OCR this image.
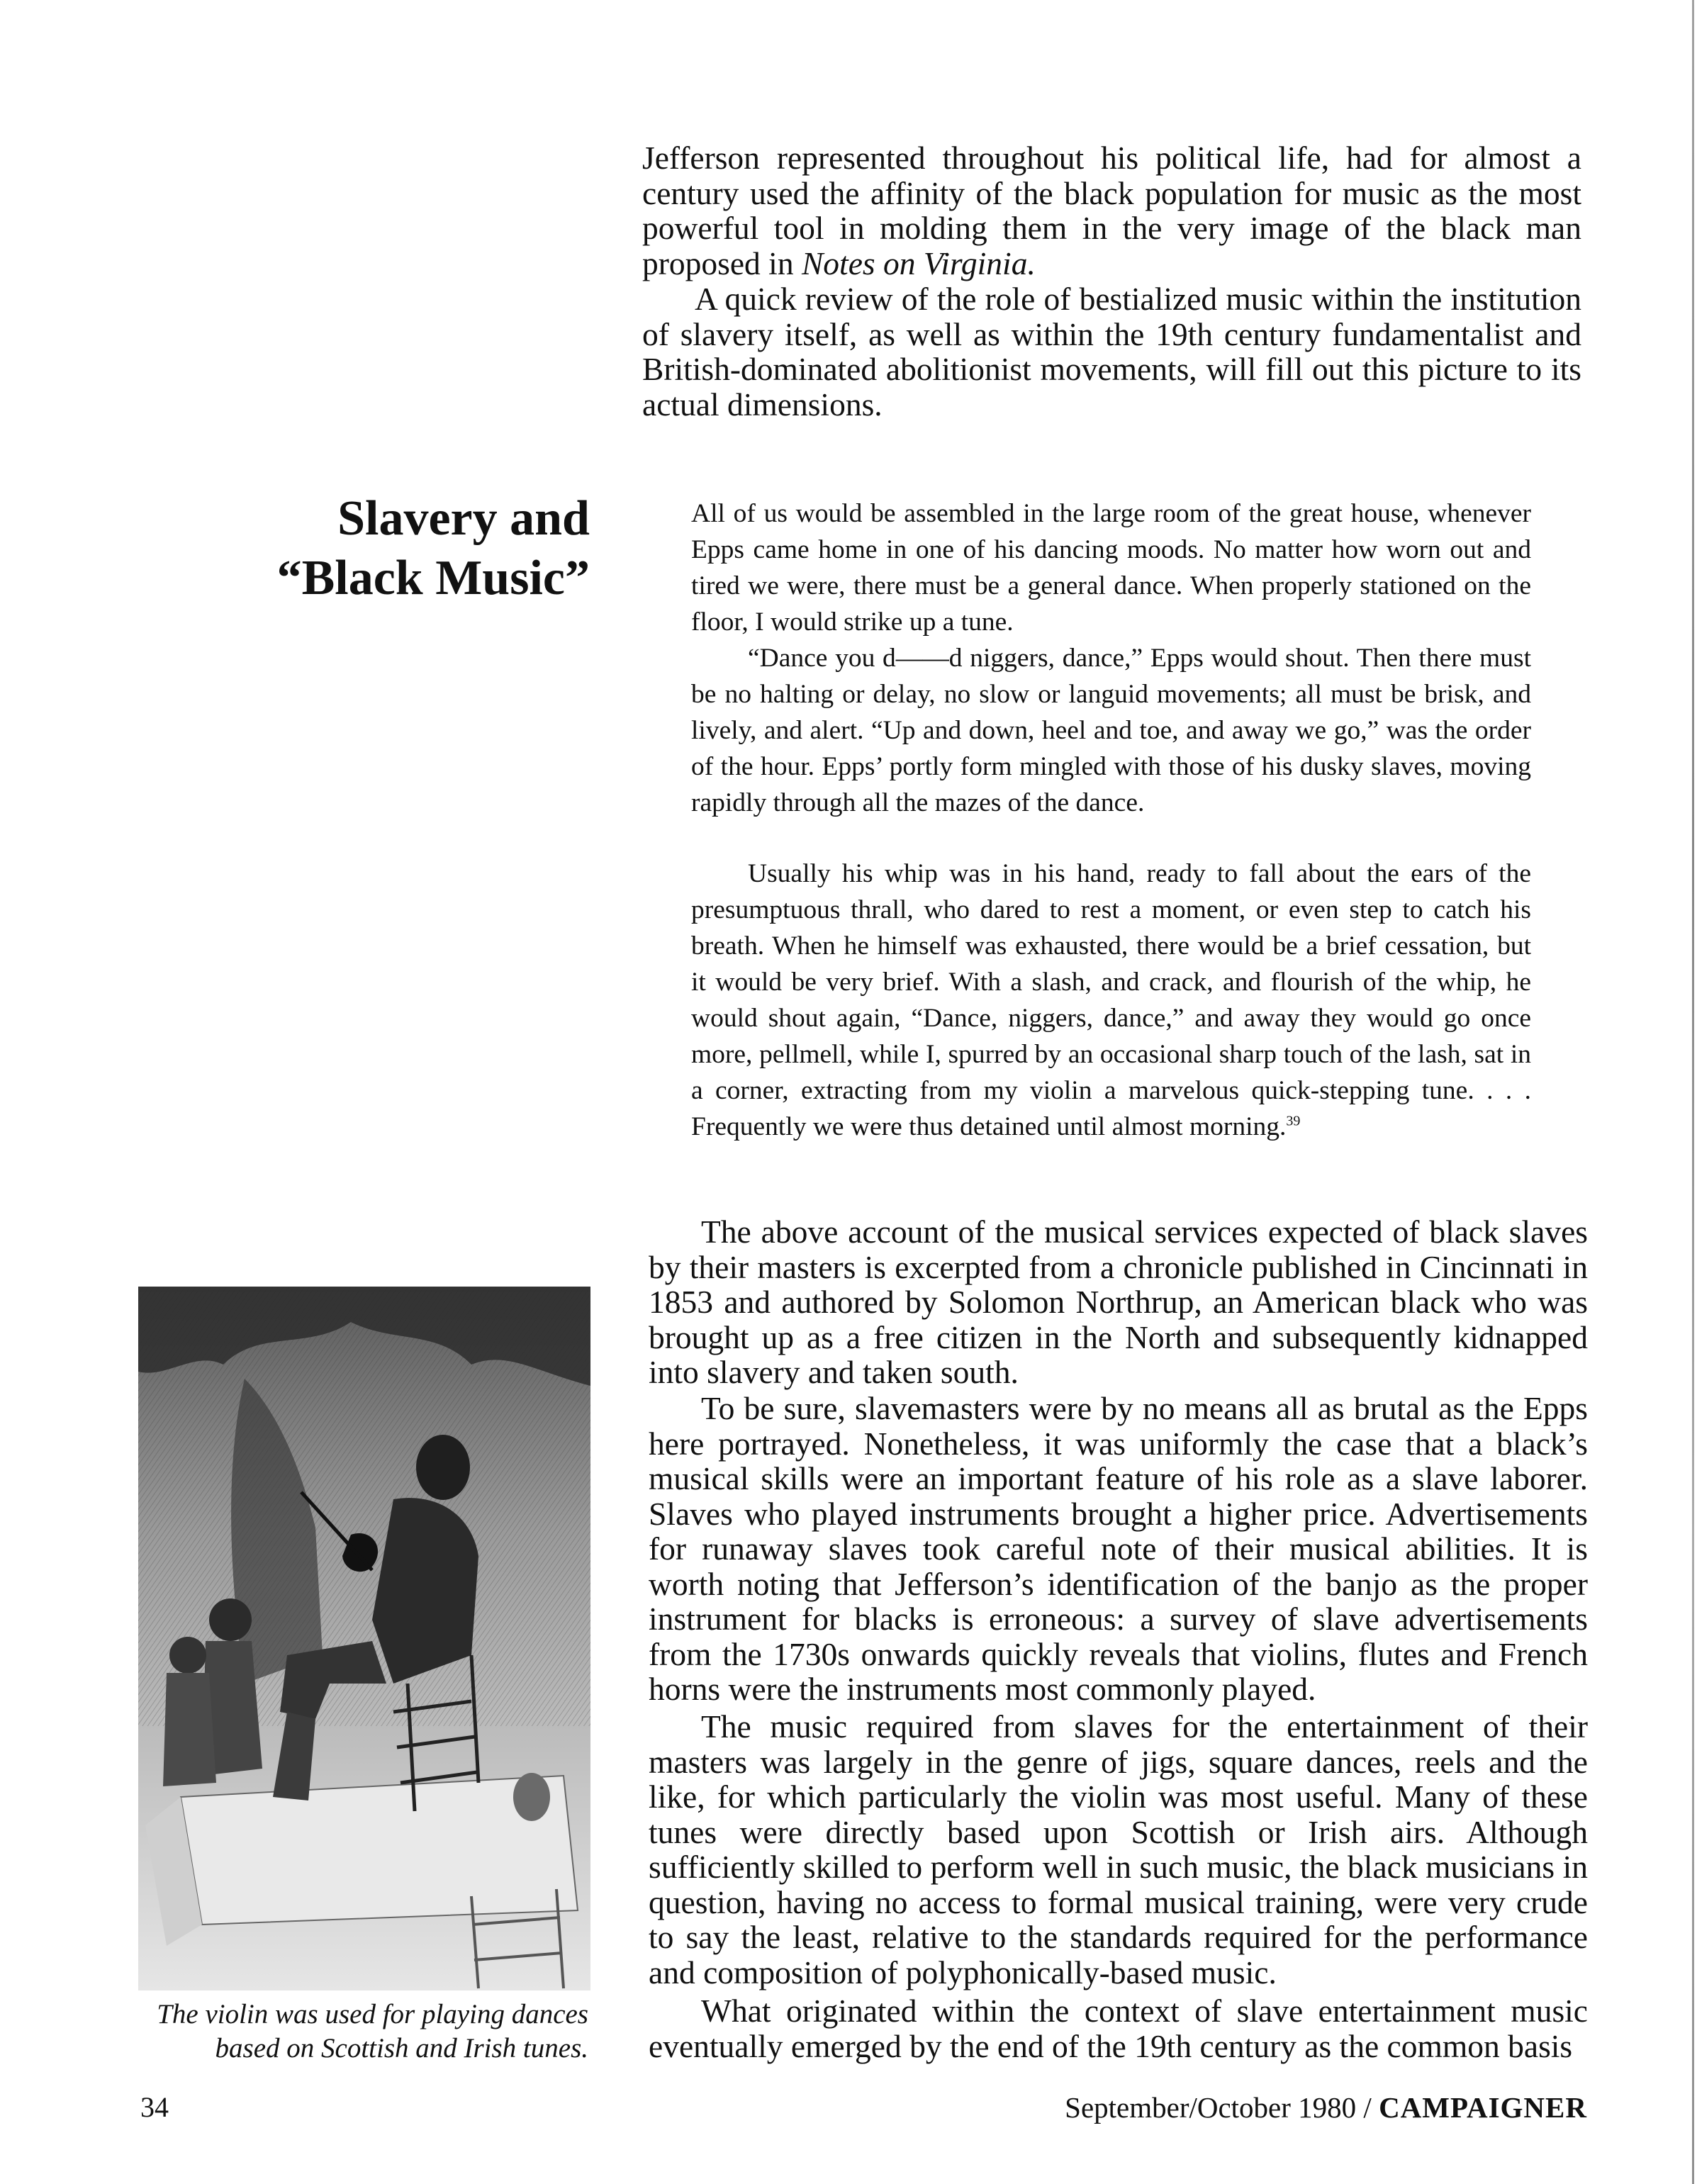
Jefferson represented throughout his political life, had for almost a century used the affinity of the black population for music as the most powerful tool in molding them in the very image of the black man proposed in Notes on Virginia.

A quick review of the role of bestialized music within the institution of slavery itself, as well as within the 19th century fundamentalist and British-dominated abolitionist movements, will fill out this picture to its actual dimensions.

Slavery and
“Black Music”

All of us would be assembled in the large room of the great house, whenever Epps came home in one of his dancing moods. No matter how worn out and tired we were, there must be a general dance. When properly stationed on the floor, I would strike up a tune.

“Dance you d——d niggers, dance,” Epps would shout. Then there must be no halting or delay, no slow or languid movements; all must be brisk, and lively, and alert. “Up and down, heel and toe, and away we go,” was the order of the hour. Epps’ portly form mingled with those of his dusky slaves, moving rapidly through all the mazes of the dance.

Usually his whip was in his hand, ready to fall about the ears of the presumptuous thrall, who dared to rest a moment, or even step to catch his breath. When he himself was exhausted, there would be a brief cessation, but it would be very brief. With a slash, and crack, and flourish of the whip, he would shout again, “Dance, niggers, dance,” and away they would go once more, pellmell, while I, spurred by an occasional sharp touch of the lash, sat in a corner, extracting from my violin a marvelous quick-stepping tune. . . . Frequently we were thus detained until almost morning.$^{39}$

The above account of the musical services expected of black slaves by their masters is excerpted from a chronicle published in Cincinnati in 1853 and authored by Solomon Northrup, an American black who was brought up as a free citizen in the North and subsequently kidnapped into slavery and taken south.

To be sure, slavemasters were by no means all as brutal as the Epps here portrayed. Nonetheless, it was uniformly the case that a black’s musical skills were an important feature of his role as a slave laborer. Slaves who played instruments brought a higher price. Advertisements for runaway slaves took careful note of their musical abilities. It is worth noting that Jefferson’s identification of the banjo as the proper instrument for blacks is erroneous: a survey of slave advertisements from the 1730s onwards quickly reveals that violins, flutes and French horns were the instruments most commonly played.

The music required from slaves for the entertainment of their masters was largely in the genre of jigs, square dances, reels and the like, for which particularly the violin was most useful. Many of these tunes were directly based upon Scottish or Irish airs. Although sufficiently skilled to perform well in such music, the black musicians in question, having no access to formal musical training, were very crude to say the least, relative to the standards required for the performance and composition of polyphonically-based music.

What originated within the context of slave entertainment music eventually emerged by the end of the 19th century as the common basis

The violin was used for playing dances
based on Scottish and Irish tunes.
34	September/October 1980 / CAMPAIGNER
